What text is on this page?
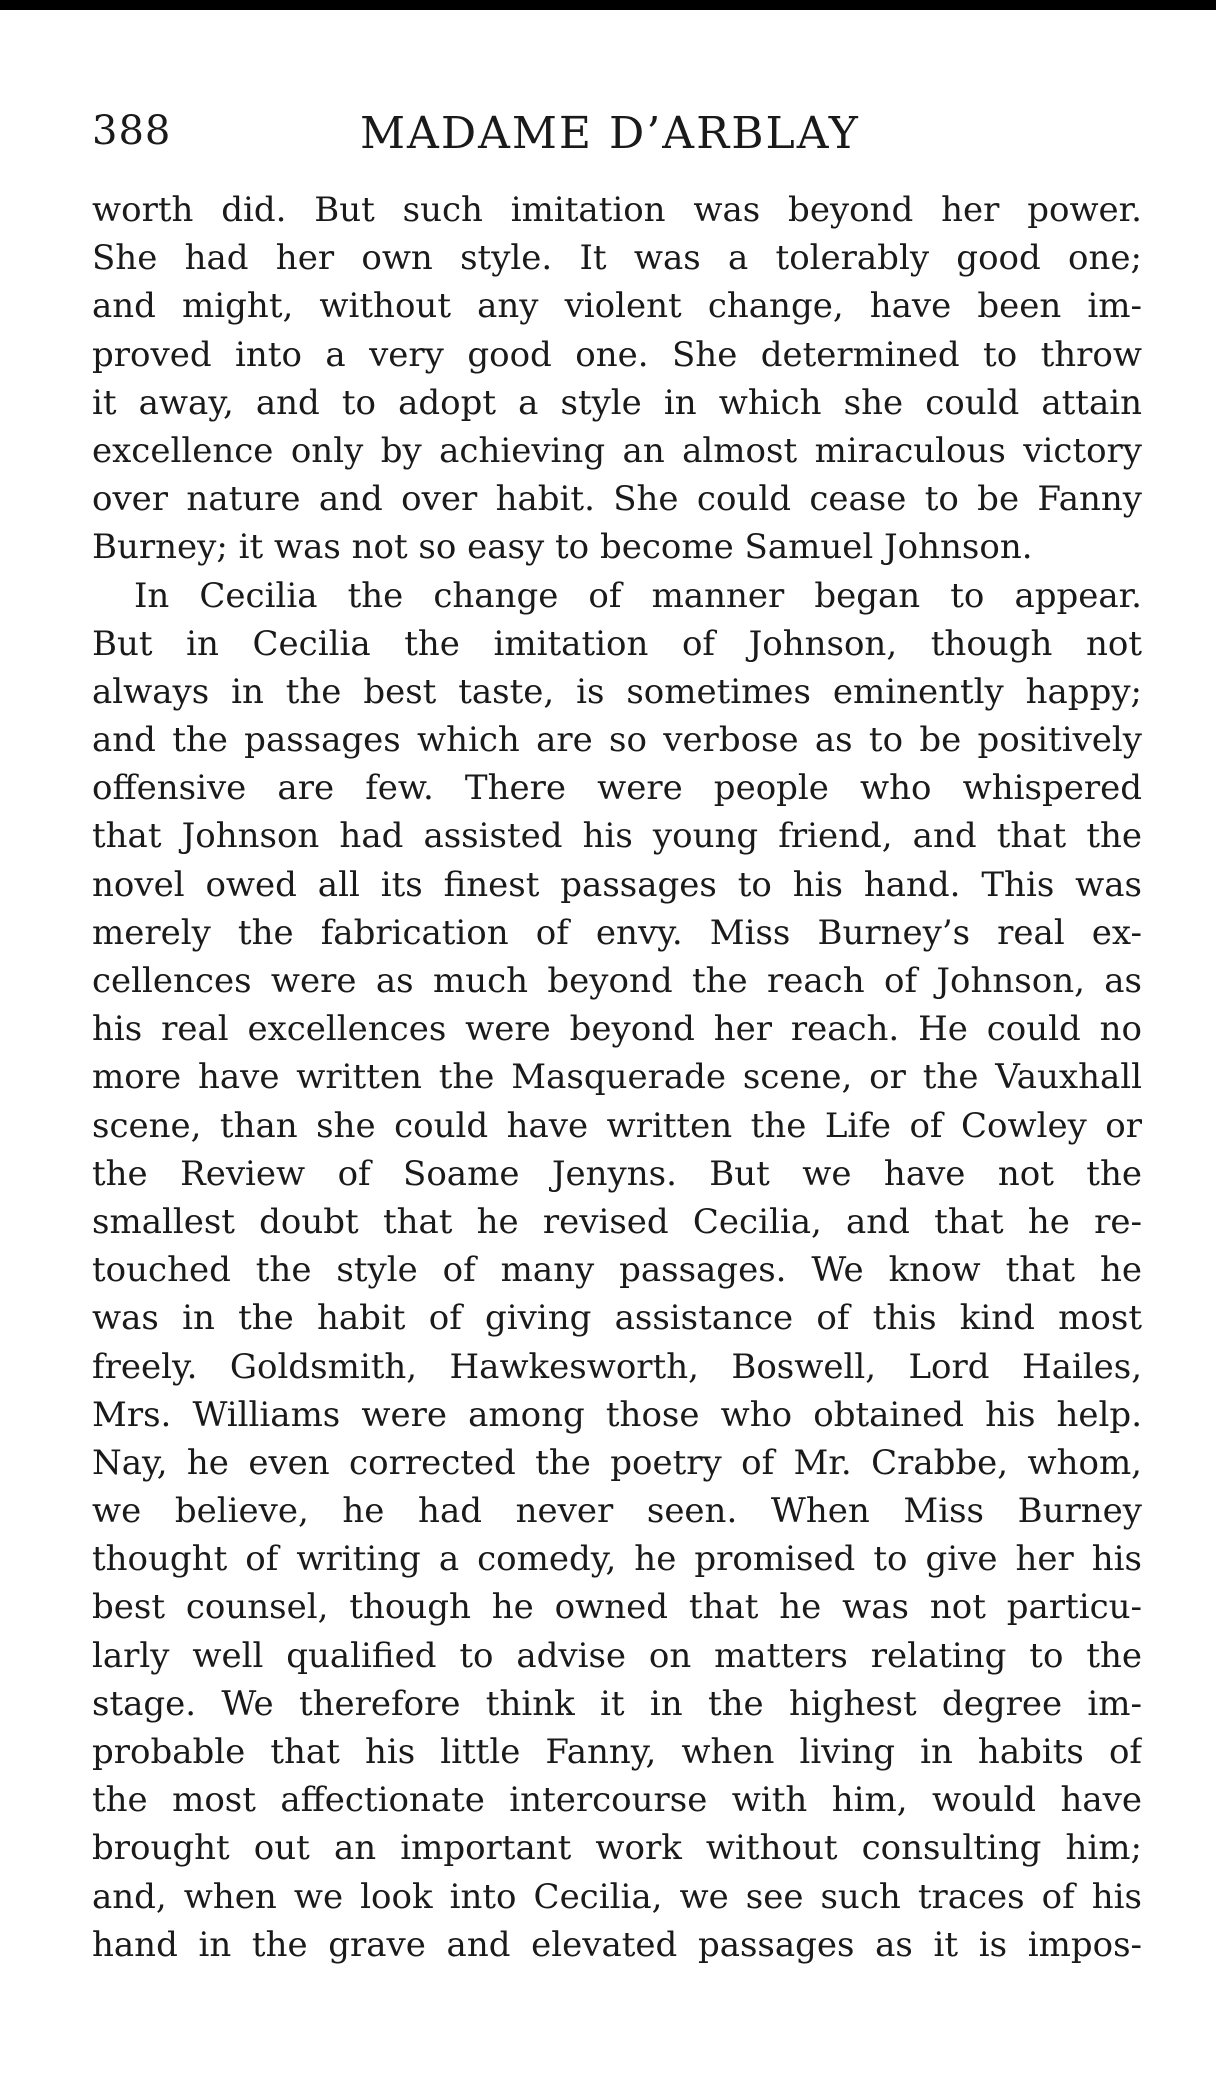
388	MADAME D’ARBLAY
worth did. But such imitation was beyond her power.
She had her own style. It was a tolerably good one;
and might, without any violent change, have been im-
proved into a very good one. She determined to throw
it away, and to adopt a style in which she could attain
excellence only by achieving an almost miraculous victory
over nature and over habit. She could cease to be Fanny
Burney; it was not so easy to become Samuel Johnson.
In Cecilia the change of manner began to appear.
But in Cecilia the imitation of Johnson, though not
always in the best taste, is sometimes eminently happy;
and the passages which are so verbose as to be positively
offensive are few. There were people who whispered
that Johnson had assisted his young friend, and that the
novel owed all its finest passages to his hand. This was
merely the fabrication of envy. Miss Burney’s real ex-
cellences were as much beyond the reach of Johnson, as
his real excellences were beyond her reach. He could no
more have written the Masquerade scene, or the Vauxhall
scene, than she could have written the Life of Cowley or
the Review of Soame Jenyns. But we have not the
smallest doubt that he revised Cecilia, and that he re-
touched the style of many passages. We know that he
was in the habit of giving assistance of this kind most
freely. Goldsmith, Hawkesworth, Boswell, Lord Hailes,
Mrs. Williams were among those who obtained his help.
Nay, he even corrected the poetry of Mr. Crabbe, whom,
we believe, he had never seen. When Miss Burney
thought of writing a comedy, he promised to give her his
best counsel, though he owned that he was not particu-
larly well qualified to advise on matters relating to the
stage. We therefore think it in the highest degree im-
probable that his little Fanny, when living in habits of
the most affectionate intercourse with him, would have
brought out an important work without consulting him;
and, when we look into Cecilia, we see such traces of his
hand in the grave and elevated passages as it is impos-
